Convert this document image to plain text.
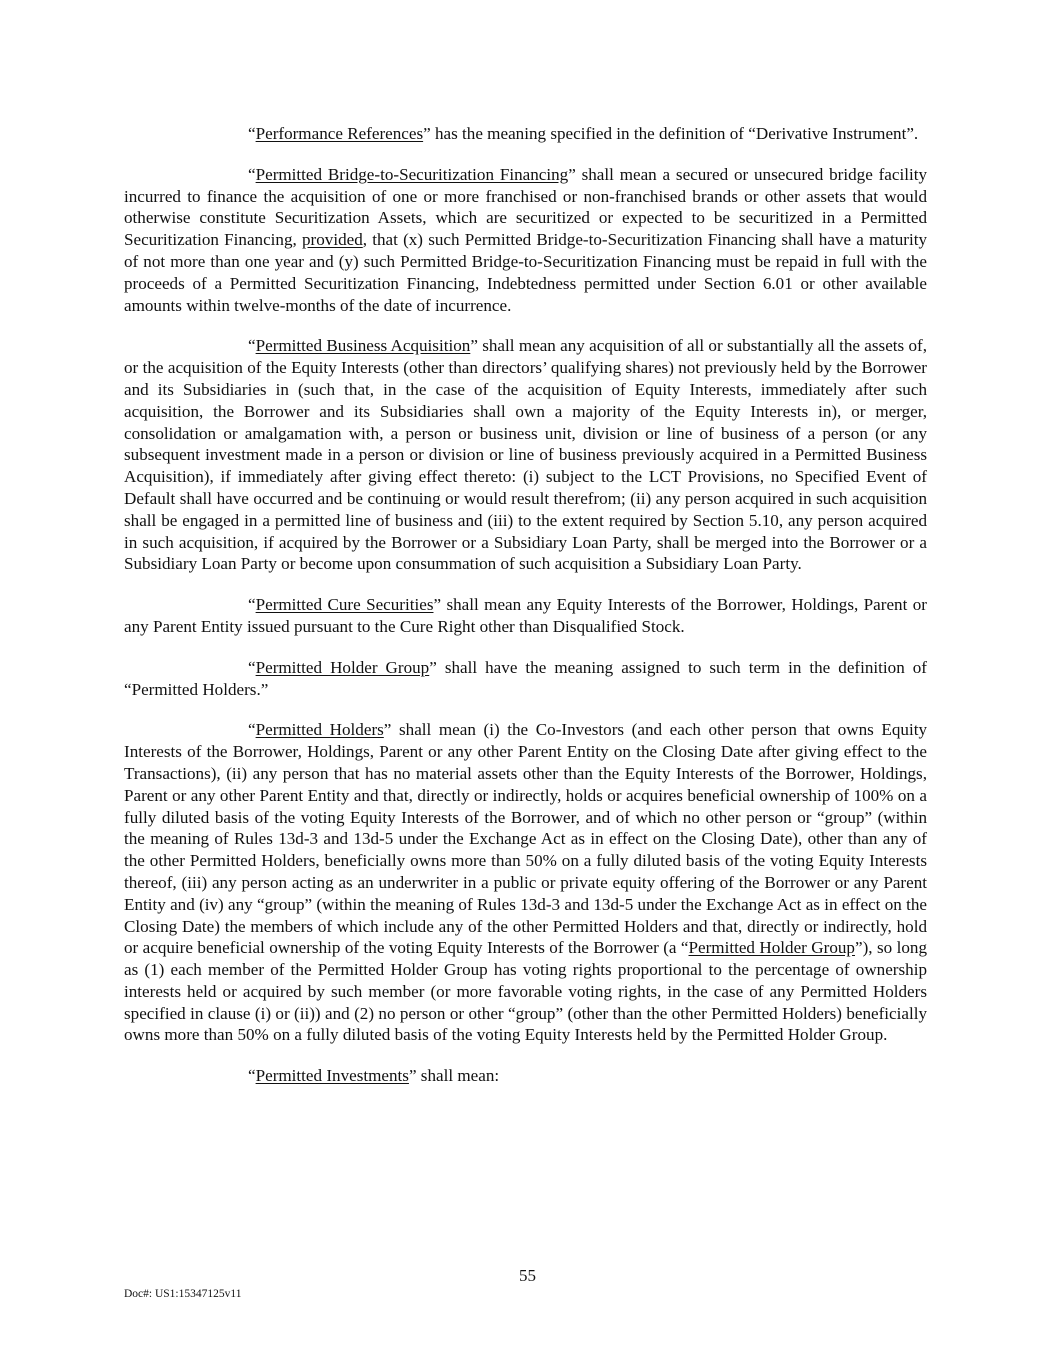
“Performance References” has the meaning specified in the definition of “Derivative Instrument”.

“Permitted Bridge-to-Securitization Financing” shall mean a secured or unsecured bridge facility incurred to finance the acquisition of one or more franchised or non-franchised brands or other assets that would otherwise constitute Securitization Assets, which are securitized or expected to be securitized in a Permitted Securitization Financing, provided, that (x) such Permitted Bridge-to-Securitization Financing shall have a maturity of not more than one year and (y) such Permitted Bridge-to-Securitization Financing must be repaid in full with the proceeds of a Permitted Securitization Financing, Indebtedness permitted under Section 6.01 or other available amounts within twelve-months of the date of incurrence.

“Permitted Business Acquisition” shall mean any acquisition of all or substantially all the assets of, or the acquisition of the Equity Interests (other than directors’ qualifying shares) not previously held by the Borrower and its Subsidiaries in (such that, in the case of the acquisition of Equity Interests, immediately after such acquisition, the Borrower and its Subsidiaries shall own a majority of the Equity Interests in), or merger, consolidation or amalgamation with, a person or business unit, division or line of business of a person (or any subsequent investment made in a person or division or line of business previously acquired in a Permitted Business Acquisition), if immediately after giving effect thereto: (i) subject to the LCT Provisions, no Specified Event of Default shall have occurred and be continuing or would result therefrom; (ii) any person acquired in such acquisition shall be engaged in a permitted line of business and (iii) to the extent required by Section 5.10, any person acquired in such acquisition, if acquired by the Borrower or a Subsidiary Loan Party, shall be merged into the Borrower or a Subsidiary Loan Party or become upon consummation of such acquisition a Subsidiary Loan Party.

“Permitted Cure Securities” shall mean any Equity Interests of the Borrower, Holdings, Parent or any Parent Entity issued pursuant to the Cure Right other than Disqualified Stock.

“Permitted Holder Group” shall have the meaning assigned to such term in the definition of “Permitted Holders.”

“Permitted Holders” shall mean (i) the Co-Investors (and each other person that owns Equity Interests of the Borrower, Holdings, Parent or any other Parent Entity on the Closing Date after giving effect to the Transactions), (ii) any person that has no material assets other than the Equity Interests of the Borrower, Holdings, Parent or any other Parent Entity and that, directly or indirectly, holds or acquires beneficial ownership of 100% on a fully diluted basis of the voting Equity Interests of the Borrower, and of which no other person or “group” (within the meaning of Rules 13d-3 and 13d-5 under the Exchange Act as in effect on the Closing Date), other than any of the other Permitted Holders, beneficially owns more than 50% on a fully diluted basis of the voting Equity Interests thereof, (iii) any person acting as an underwriter in a public or private equity offering of the Borrower or any Parent Entity and (iv) any “group” (within the meaning of Rules 13d-3 and 13d-5 under the Exchange Act as in effect on the Closing Date) the members of which include any of the other Permitted Holders and that, directly or indirectly, hold or acquire beneficial ownership of the voting Equity Interests of the Borrower (a “Permitted Holder Group”), so long as (1) each member of the Permitted Holder Group has voting rights proportional to the percentage of ownership interests held or acquired by such member (or more favorable voting rights, in the case of any Permitted Holders specified in clause (i) or (ii)) and (2) no person or other “group” (other than the other Permitted Holders) beneficially owns more than 50% on a fully diluted basis of the voting Equity Interests held by the Permitted Holder Group.

“Permitted Investments” shall mean:

55
Doc#: US1:15347125v11
